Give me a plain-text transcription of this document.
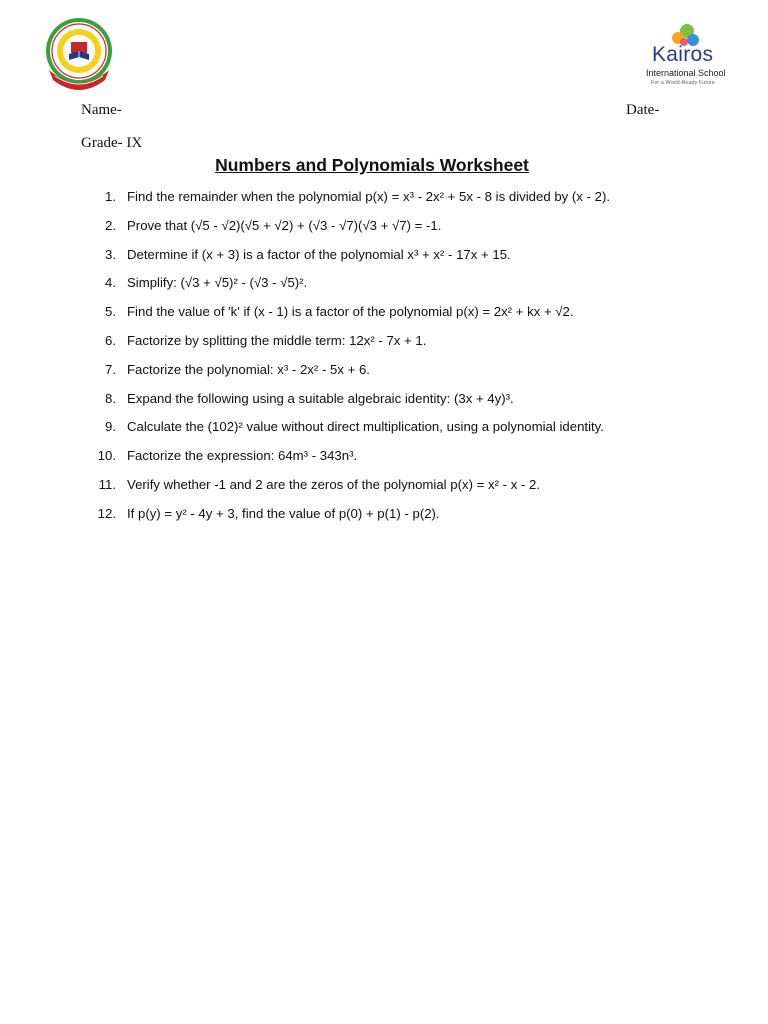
Kairos
International School
For a World-Ready Future
Name-	Date-
Grade- IX
Numbers and Polynomials Worksheet
1. Find the remainder when the polynomial p(x) = x³ - 2x² + 5x - 8 is divided by (x - 2).
2. Prove that (√5 - √2)(√5 + √2) + (√3 - √7)(√3 + √7) = -1.
3. Determine if (x + 3) is a factor of the polynomial x³ + x² - 17x + 15.
4. Simplify: (√3 + √5)² - (√3 - √5)².
5. Find the value of 'k' if (x - 1) is a factor of the polynomial p(x) = 2x² + kx + √2.
6. Factorize by splitting the middle term: 12x² - 7x + 1.
7. Factorize the polynomial: x³ - 2x² - 5x + 6.
8. Expand the following using a suitable algebraic identity: (3x + 4y)³.
9. Calculate the (102)² value without direct multiplication, using a polynomial identity.
10. Factorize the expression: 64m³ - 343n³.
11. Verify whether -1 and 2 are the zeros of the polynomial p(x) = x² - x - 2.
12. If p(y) = y² - 4y + 3, find the value of p(0) + p(1) - p(2).
